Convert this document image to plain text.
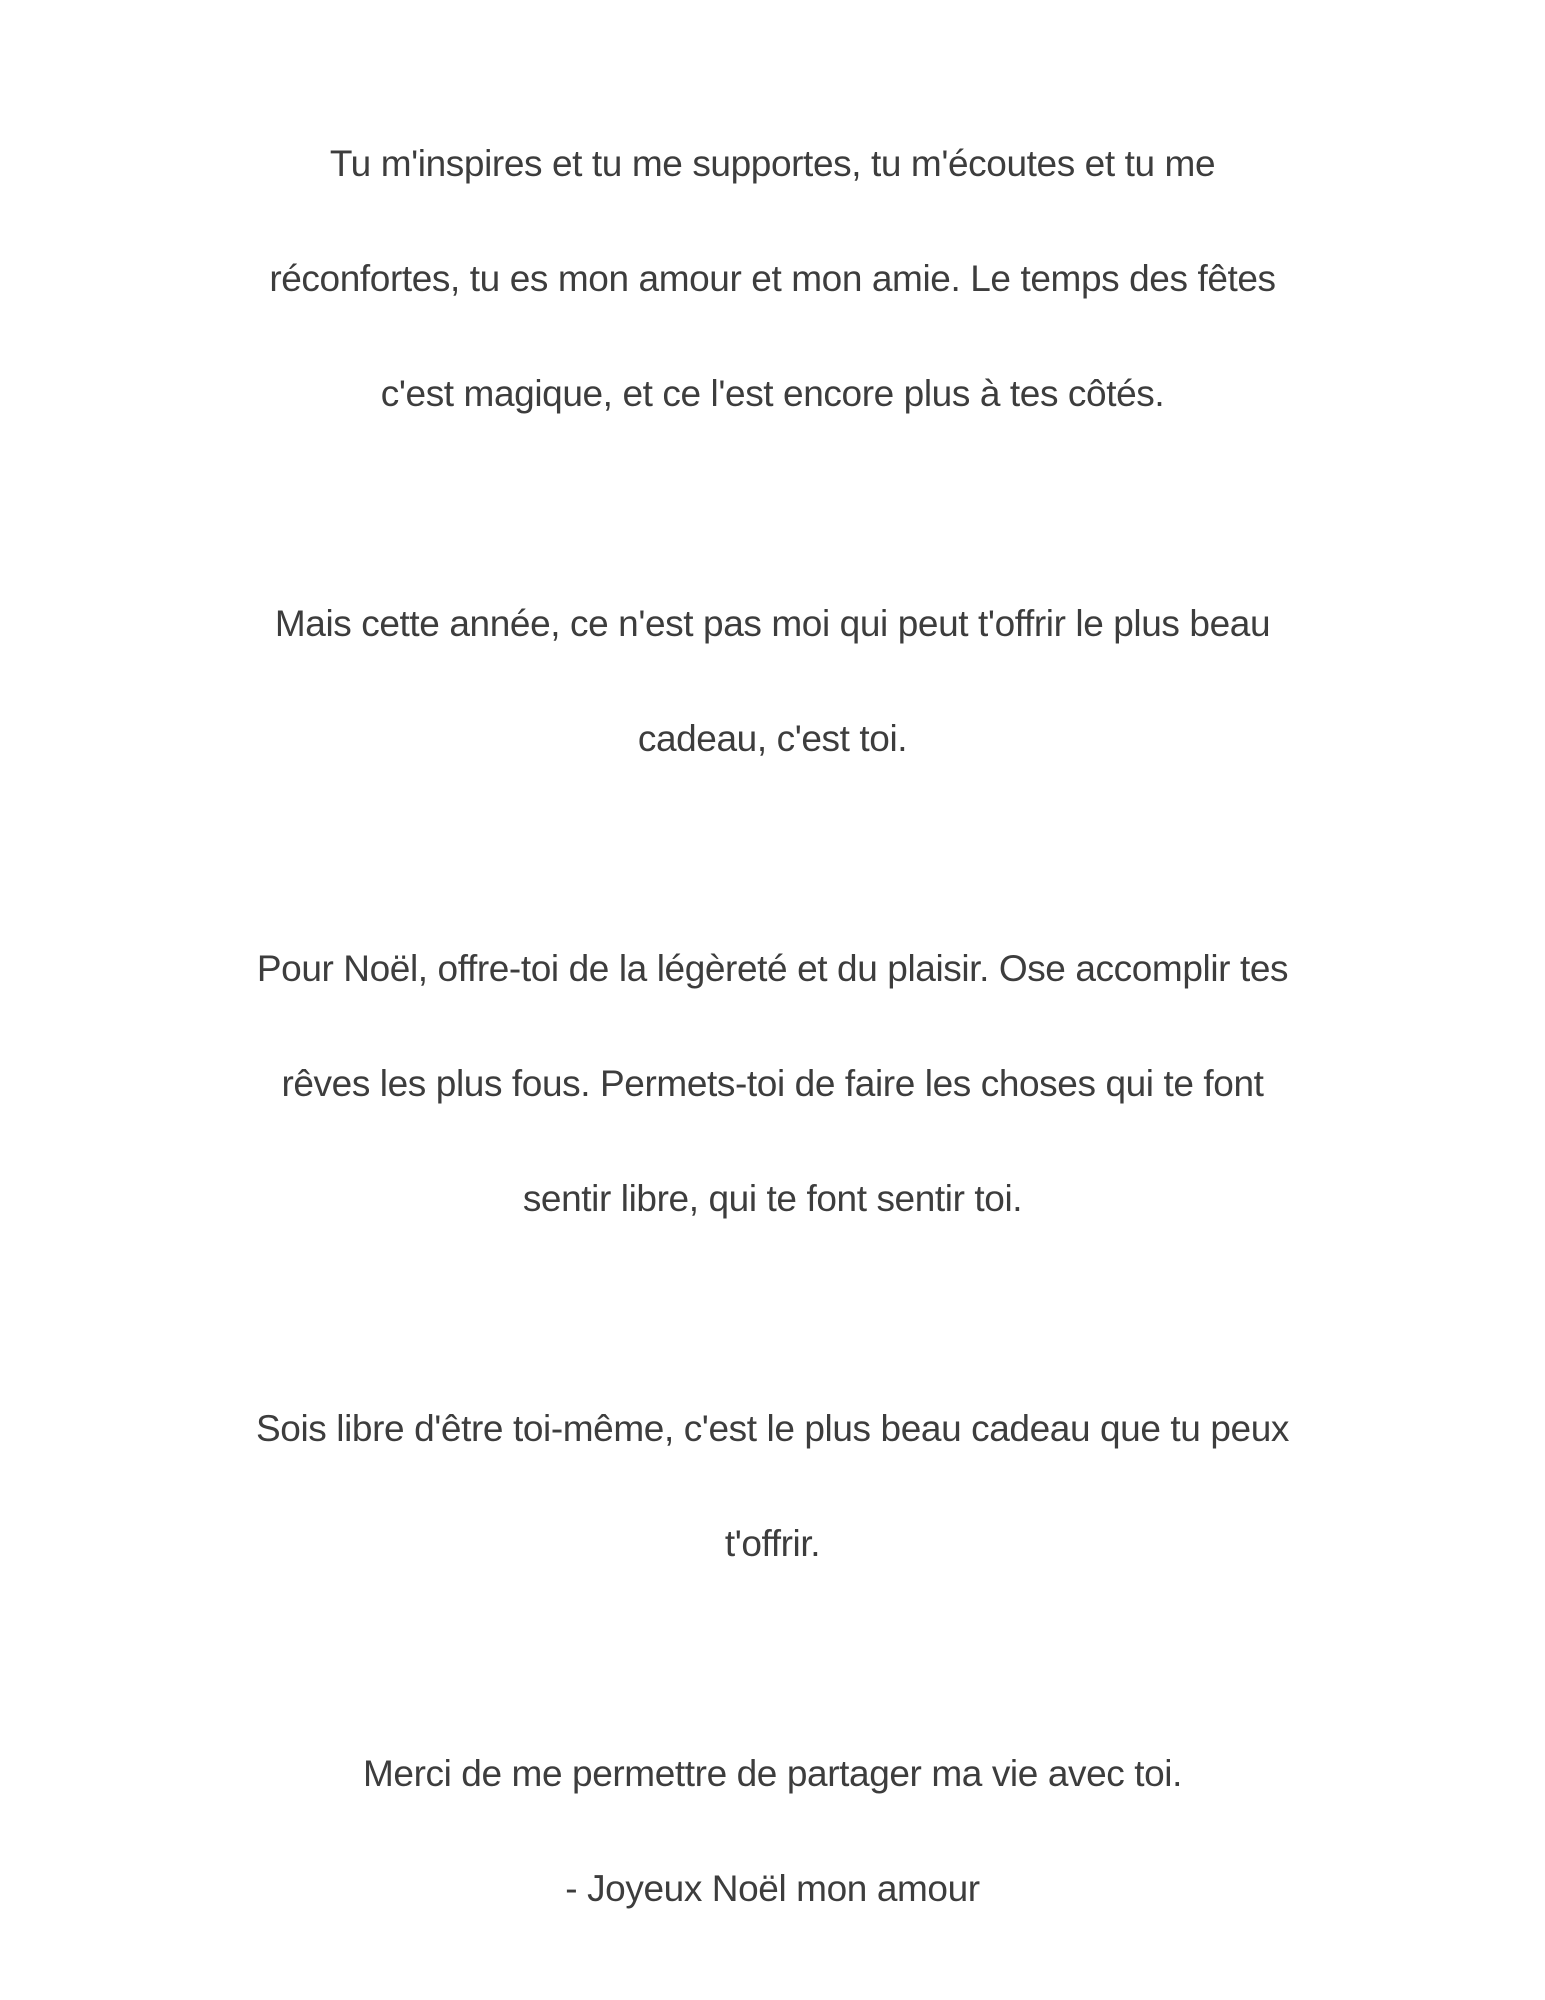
Tu m'inspires et tu me supportes, tu m'écoutes et tu me
réconfortes, tu es mon amour et mon amie. Le temps des fêtes
c'est magique, et ce l'est encore plus à tes côtés.
Mais cette année, ce n'est pas moi qui peut t'offrir le plus beau
cadeau, c'est toi.
Pour Noël, offre-toi de la légèreté et du plaisir. Ose accomplir tes
rêves les plus fous. Permets-toi de faire les choses qui te font
sentir libre, qui te font sentir toi.
Sois libre d'être toi-même, c'est le plus beau cadeau que tu peux
t'offrir.
Merci de me permettre de partager ma vie avec toi.
- Joyeux Noël mon amour
